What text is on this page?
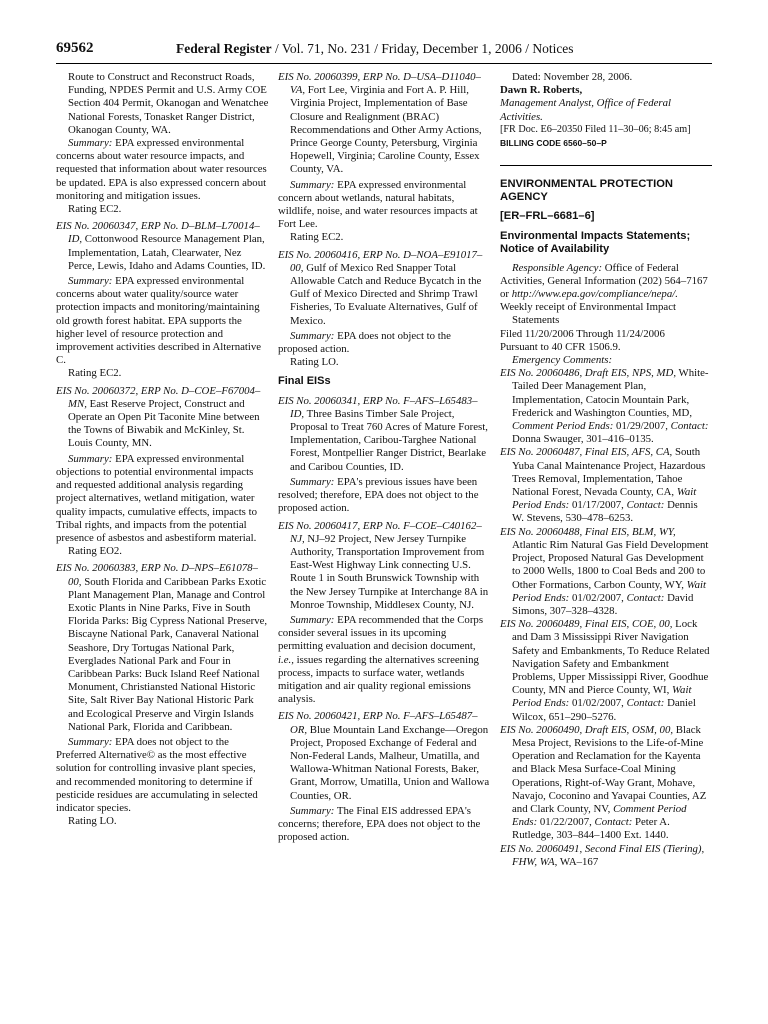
69562	Federal Register / Vol. 71, No. 231 / Friday, December 1, 2006 / Notices
Route to Construct and Reconstruct Roads, Funding, NPDES Permit and U.S. Army COE Section 404 Permit, Okanogan and Wenatchee National Forests, Tonasket Ranger District, Okanogan County, WA.
Summary: EPA expressed environmental concerns about water resource impacts, and requested that information about water resources be updated. EPA is also expressed concern about monitoring and mitigation issues.
Rating EC2.
EIS No. 20060347, ERP No. D–BLM–L70014–ID, Cottonwood Resource Management Plan, Implementation, Latah, Clearwater, Nez Perce, Lewis, Idaho and Adams Counties, ID.
Summary: EPA expressed environmental concerns about water quality/source water protection impacts and monitoring/maintaining old growth forest habitat. EPA supports the higher level of resource protection and improvement activities described in Alternative C.
Rating EC2.
EIS No. 20060372, ERP No. D–COE–F67004–MN, East Reserve Project, Construct and Operate an Open Pit Taconite Mine between the Towns of Biwabik and McKinley, St. Louis County, MN.
Summary: EPA expressed environmental objections to potential environmental impacts and requested additional analysis regarding project alternatives, wetland mitigation, water quality impacts, cumulative effects, impacts to Tribal rights, and impacts from the potential presence of asbestos and asbestiform material.
Rating EO2.
EIS No. 20060383, ERP No. D–NPS–E61078–00, South Florida and Caribbean Parks Exotic Plant Management Plan, Manage and Control Exotic Plants in Nine Parks, Five in South Florida Parks: Big Cypress National Preserve, Biscayne National Park, Canaveral National Seashore, Dry Tortugas National Park, Everglades National Park and Four in Caribbean Parks: Buck Island Reef National Monument, Christiansted National Historic Site, Salt River Bay National Historic Park and Ecological Preserve and Virgin Islands National Park, Florida and Caribbean.
Summary: EPA does not object to the Preferred Alternative© as the most effective solution for controlling invasive plant species, and recommended monitoring to determine if pesticide residues are accumulating in selected indicator species.
Rating LO.
EIS No. 20060399, ERP No. D–USA–D11040–VA, Fort Lee, Virginia and Fort A. P. Hill, Virginia Project, Implementation of Base Closure and Realignment (BRAC) Recommendations and Other Army Actions, Prince George County, Petersburg, Virginia Hopewell, Virginia; Caroline County, Essex County, VA.
Summary: EPA expressed environmental concern about wetlands, natural habitats, wildlife, noise, and water resources impacts at Fort Lee.
Rating EC2.
EIS No. 20060416, ERP No. D–NOA–E91017–00, Gulf of Mexico Red Snapper Total Allowable Catch and Reduce Bycatch in the Gulf of Mexico Directed and Shrimp Trawl Fisheries, To Evaluate Alternatives, Gulf of Mexico.
Summary: EPA does not object to the proposed action.
Rating LO.
Final EISs
EIS No. 20060341, ERP No. F–AFS–L65483–ID, Three Basins Timber Sale Project, Proposal to Treat 760 Acres of Mature Forest, Implementation, Caribou-Targhee National Forest, Montpellier Ranger District, Bearlake and Caribou Counties, ID.
Summary: EPA's previous issues have been resolved; therefore, EPA does not object to the proposed action.
EIS No. 20060417, ERP No. F–COE–C40162–NJ, NJ–92 Project, New Jersey Turnpike Authority, Transportation Improvement from East-West Highway Link connecting U.S. Route 1 in South Brunswick Township with the New Jersey Turnpike at Interchange 8A in Monroe Township, Middlesex County, NJ.
Summary: EPA recommended that the Corps consider several issues in its upcoming permitting evaluation and decision document, i.e., issues regarding the alternatives screening process, impacts to surface water, wetlands mitigation and air quality regional emissions analysis.
EIS No. 20060421, ERP No. F–AFS–L65487–OR, Blue Mountain Land Exchange—Oregon Project, Proposed Exchange of Federal and Non-Federal Lands, Malheur, Umatilla, and Wallowa-Whitman National Forests, Baker, Grant, Morrow, Umatilla, Union and Wallowa Counties, OR.
Summary: The Final EIS addressed EPA's concerns; therefore, EPA does not object to the proposed action.
Dated: November 28, 2006.
Dawn R. Roberts,
Management Analyst, Office of Federal Activities.
[FR Doc. E6–20350 Filed 11–30–06; 8:45 am]
BILLING CODE 6560–50–P
ENVIRONMENTAL PROTECTION AGENCY
[ER–FRL–6681–6]
Environmental Impacts Statements; Notice of Availability
Responsible Agency: Office of Federal Activities, General Information (202) 564–7167 or http://www.epa.gov/compliance/nepa/.
Weekly receipt of Environmental Impact Statements
Filed 11/20/2006 Through 11/24/2006
Pursuant to 40 CFR 1506.9.
Emergency Comments:
EIS No. 20060486, Draft EIS, NPS, MD, White-Tailed Deer Management Plan, Implementation, Catocin Mountain Park, Frederick and Washington Counties, MD, Comment Period Ends: 01/29/2007, Contact: Donna Swauger, 301–416–0135.
EIS No. 20060487, Final EIS, AFS, CA, South Yuba Canal Maintenance Project, Hazardous Trees Removal, Implementation, Tahoe National Forest, Nevada County, CA, Wait Period Ends: 01/17/2007, Contact: Dennis W. Stevens, 530–478–6253.
EIS No. 20060488, Final EIS, BLM, WY, Atlantic Rim Natural Gas Field Development Project, Proposed Natural Gas Development to 2000 Wells, 1800 to Coal Beds and 200 to Other Formations, Carbon County, WY, Wait Period Ends: 01/02/2007, Contact: David Simons, 307–328–4328.
EIS No. 20060489, Final EIS, COE, 00, Lock and Dam 3 Mississippi River Navigation Safety and Embankments, To Reduce Related Navigation Safety and Embankment Problems, Upper Mississippi River, Goodhue County, MN and Pierce County, WI, Wait Period Ends: 01/02/2007, Contact: Daniel Wilcox, 651–290–5276.
EIS No. 20060490, Draft EIS, OSM, 00, Black Mesa Project, Revisions to the Life-of-Mine Operation and Reclamation for the Kayenta and Black Mesa Surface-Coal Mining Operations, Right-of-Way Grant, Mohave, Navajo, Coconino and Yavapai Counties, AZ and Clark County, NV, Comment Period Ends: 01/22/2007, Contact: Peter A. Rutledge, 303–844–1400 Ext. 1440.
EIS No. 20060491, Second Final EIS (Tiering), FHW, WA, WA–167
